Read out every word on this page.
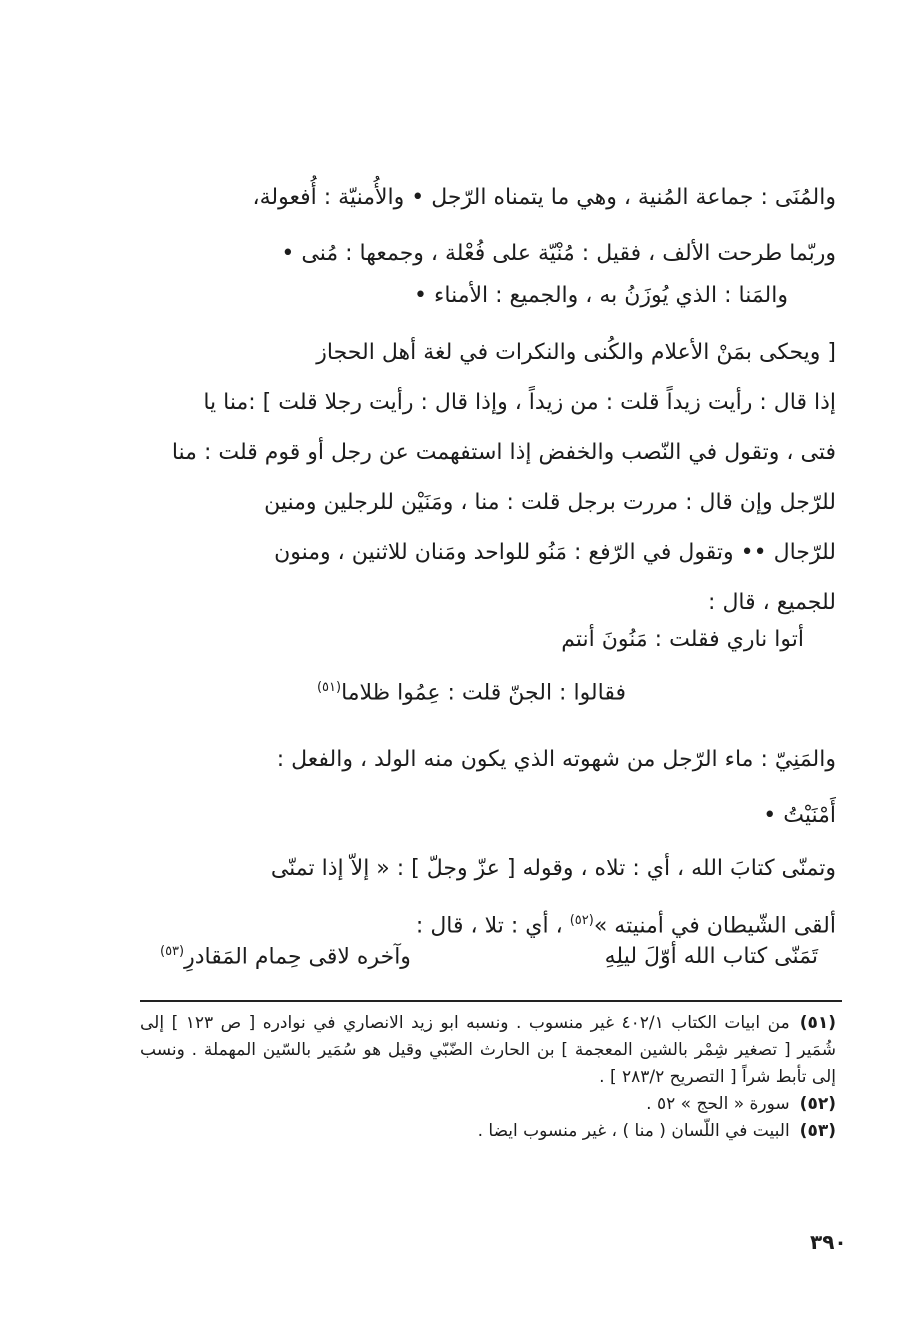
والمُنَى : جماعة المُنية ، وهي ما يتمناه الرّجل • والأُمنيّة : أُفعولة،
وربّما طرحت الألف ، فقيل : مُنْيّة على فُعْلة ، وجمعها : مُنى •
والمَنا : الذي يُوزَنُ به ، والجميع : الأمناء •
[ ويحكى بمَنْ الأعلام والكُنى والنكرات في لغة أهل الحجاز
إذا قال : رأيت زيداً قلت : من زيداً ، وإذا قال : رأيت رجلا قلت ] :منا يا
فتى ، وتقول في النّصب والخفض إذا استفهمت عن رجل أو قوم قلت : منا
للرّجل وإن قال : مررت برجل قلت : منا ، ومَنَيْن للرجلين ومنين
للرّجال •• وتقول في الرّفع : مَنُو للواحد ومَنان للاثنين ، ومنون
للجميع ، قال :
أتوا ناري فقلت : مَنُونَ أنتم
فقالوا : الجنّ قلت : عِمُوا ظلاما$^{(٥١)}$
والمَنِيّ : ماء الرّجل من شهوته الذي يكون منه الولد ، والفعل :
أَمْنَيْتُ •
وتمنّى كتابَ الله ، أي : تلاه ، وقوله [ عزّ وجلّ ] : « إلاّ إذا تمنّى
ألقى الشّيطان في أمنيته »$^{(٥٢)}$ ، أي : تلا ، قال :
تَمَنّى كتاب الله أوّلَ ليلِهِ
وآخره لاقى حِمام المَقادرِ$^{(٥٣)}$
(٥١)من ابيات الكتاب ٤٠٢/١ غير منسوب . ونسبه ابو زيد الانصاري في نوادره [ ص ١٢٣ ] إلى شُمَير [ تصغير شِمْر بالشين المعجمة ] بن الحارث الضّبّي وقيل هو سُمَير بالسّين المهملة . ونسب إلى تأبط شراً [ التصريح ٢٨٣/٢ ] .
(٥٢)سورة « الحج » ٥٢ .
(٥٣)البيت في اللّسان ( منا ) ، غير منسوب ايضا .
٣٩٠
